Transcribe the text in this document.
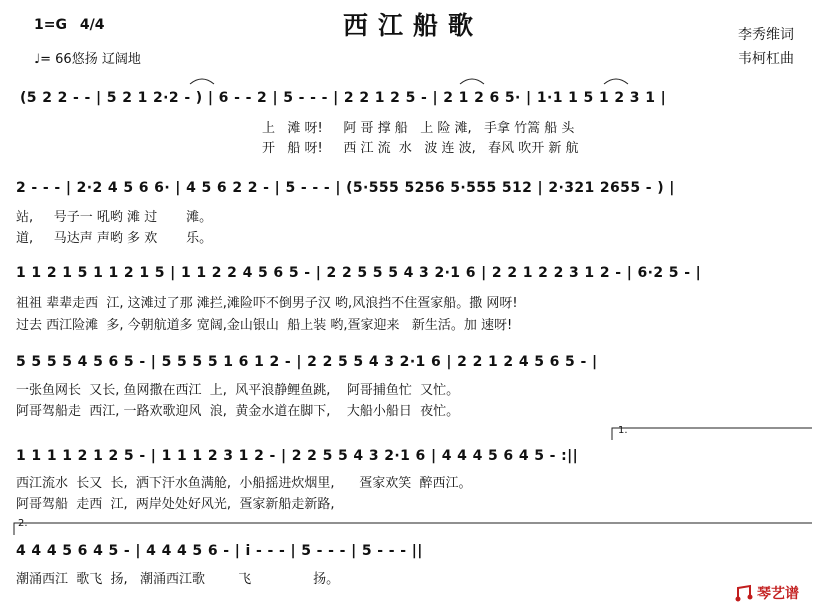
1=G 4/4
♩= 66悠扬 辽阔地
西江船歌	李秀维词
韦柯杠曲
(5 2 2 - - | 5 2 1 2·2 - ) | 6 - - 2 | 5 - - - | 2 2 1 2 5 - | 2 1 2 6 5· | 1·1 1 5 1 2 3 1 |
上   滩 呀!     阿 哥 撑 船   上 险 滩,   手拿 竹篙 船 头
开   船 呀!     西 江 流  水   波 连 波,   春风 吹开 新 航
2 - - - | 2·2 4 5 6 6· | 4 5 6 2 2 - | 5 - - - | (5·555 5256 5·555 512 | 2·321 2655 - ) |
站,     号子一 吼哟 滩 过       滩。
道,     马达声 声哟 多 欢       乐。
1 1 2 1 5 1 1 2 1 5 | 1 1 2 2 4 5 6 5 - | 2 2 5 5 5 4 3 2·1 6 | 2 2 1 2 2 3 1 2 - | 6·2 5 - |
祖祖 辈辈走西  江, 这滩过了那 滩拦,滩险吓不倒男子汉 哟,风浪挡不住疍家船。撒 网呀!
过去 西江险滩  多, 今朝航道多 宽阔,金山银山  船上装 哟,疍家迎来   新生活。加 速呀!
5 5 5 5 4 5 6 5 - | 5 5 5 5 1 6 1 2 - | 2 2 5 5 4 3 2·1 6 | 2 2 1 2 4 5 6 5 - |
一张鱼网长  又长, 鱼网撒在西江  上,  风平浪静鲤鱼跳,    阿哥捕鱼忙  又忙。
阿哥驾船走  西江, 一路欢歌迎风  浪,  黄金水道在脚下,    大船小船日  夜忙。
1.
1 1 1 1 2 1 2 5 - | 1 1 1 2 3 1 2 - | 2 2 5 5 4 3 2·1 6 | 4 4 4 5 6 4 5 - :||
西江流水  长又  长,  洒下汗水鱼满舱,  小船摇进炊烟里,      疍家欢笑  醉西江。
阿哥驾船  走西  江,  两岸处处好风光,  疍家新船走新路,
2.
4 4 4 5 6 4 5 - | 4 4 4 5 6 - | i - - - | 5 - - - | 5 - - - ||
潮涌西江  歌飞  扬,   潮涌西江歌        飞               扬。
琴艺谱
